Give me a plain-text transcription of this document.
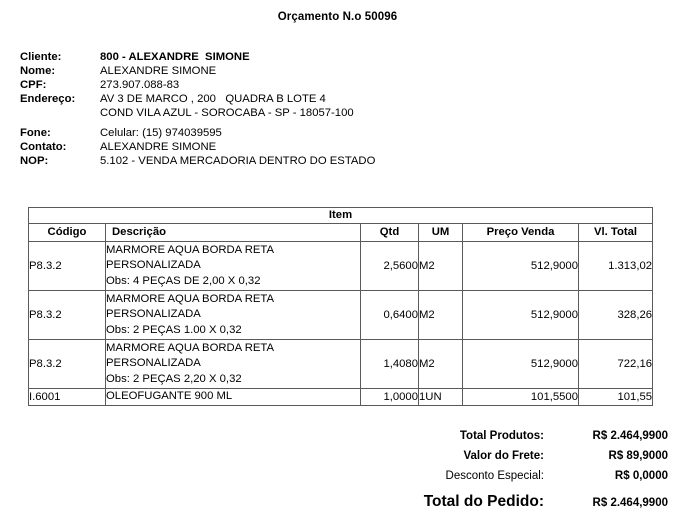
Orçamento N.o 50096
Cliente:	800 - ALEXANDRE  SIMONE
Nome:	ALEXANDRE SIMONE
CPF:	273.907.088-83
Endereço:	AV 3 DE MARCO , 200   QUADRA B LOTE 4
COND VILA AZUL - SOROCABA - SP - 18057-100
Fone:	Celular: (15) 974039595
Contato:	ALEXANDRE SIMONE
NOP:	5.102 - VENDA MERCADORIA DENTRO DO ESTADO
Item					
Código	Descrição	Qtd	UM	Preço Venda	Vl. Total
P8.3.2	MARMORE AQUA BORDA RETA
PERSONALIZADA
Obs: 4 PEÇAS DE 2,00 X 0,32	2,5600	M2	512,9000	1.313,02
P8.3.2	MARMORE AQUA BORDA RETA
PERSONALIZADA
Obs: 2 PEÇAS 1.00 X 0,32	0,6400	M2	512,9000	328,26
P8.3.2	MARMORE AQUA BORDA RETA
PERSONALIZADA
Obs: 2 PEÇAS 2,20 X 0,32	1,4080	M2	512,9000	722,16
I.6001	OLEOFUGANTE 900 ML	1,0000	1UN	101,5500	101,55
Total Produtos:	R$ 2.464,9900
Valor do Frete:	R$ 89,9000
Desconto Especial:	R$ 0,0000
Total do Pedido:	R$ 2.464,9900
